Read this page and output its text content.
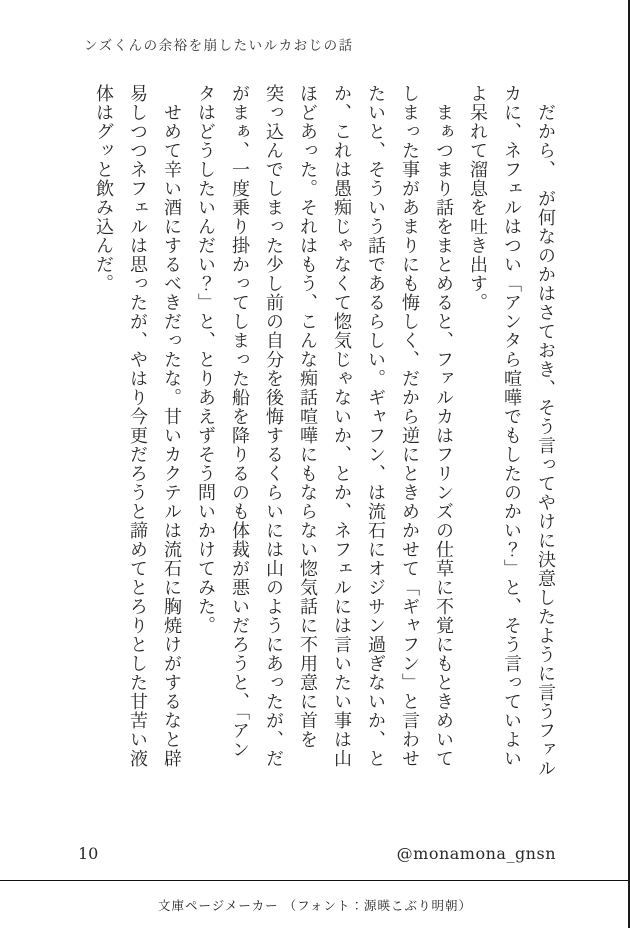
ンズくんの余裕を崩したいルカおじの話
　だから、　が何なのかはさておき、そう言ってやけに決意したように言うファル
カに、ネフェルはつい「アンタら喧嘩でもしたのかい？」と、そう言っていよい
よ呆れて溜息を吐き出す。
　まぁつまり話をまとめると、ファルカはフリンズの仕草に不覚にもときめいて
しまった事があまりにも悔しく、だから逆にときめかせて「ギャフン」と言わせ
たいと、そういう話であるらしい。ギャフン、は流石にオジサン過ぎないか、と
か、これは愚痴じゃなくて惚気じゃないか、とか、ネフェルには言いたい事は山
ほどあった。それはもう、こんな痴話喧嘩にもならない惚気話に不用意に首を
突っ込んでしまった少し前の自分を後悔するくらいには山のようにあったが、だ
がまぁ、一度乗り掛かってしまった船を降りるのも体裁が悪いだろうと、「アン
タはどうしたいんだい？」と、とりあえずそう問いかけてみた。
　せめて辛い酒にするべきだったな。甘いカクテルは流石に胸焼けがするなと辟
易しつつネフェルは思ったが、やはり今更だろうと諦めてとろりとした甘苦い液
体はグッと飲み込んだ。
10	@monamona_gnsn
文庫ページメーカー （フォント：源暎こぶり明朝）
